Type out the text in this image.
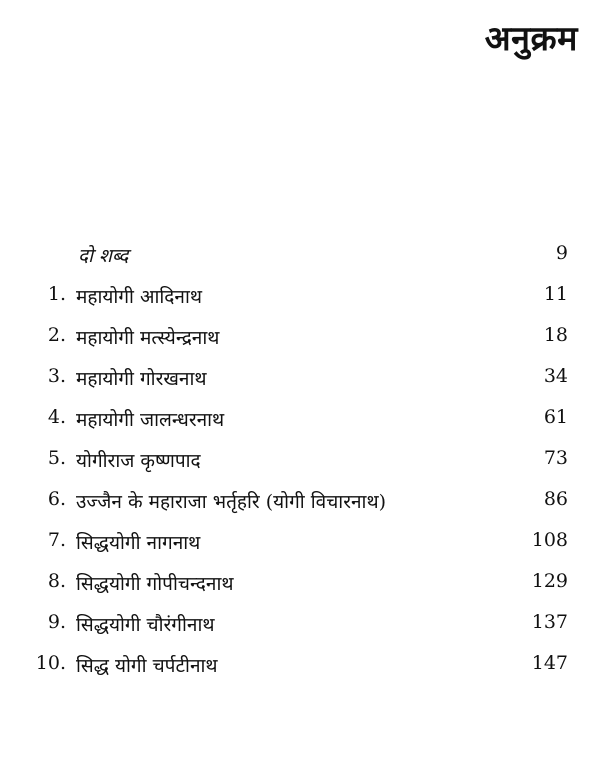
अनुक्रम
दो शब्द	9
1. महायोगी आदिनाथ	11
2. महायोगी मत्स्येन्द्रनाथ	18
3. महायोगी गोरखनाथ	34
4. महायोगी जालन्धरनाथ	61
5. योगीराज कृष्णपाद	73
6. उज्जैन के महाराजा भर्तृहरि (योगी विचारनाथ)	86
7. सिद्धयोगी नागनाथ	108
8. सिद्धयोगी गोपीचन्दनाथ	129
9. सिद्धयोगी चौरंगीनाथ	137
10. सिद्ध योगी चर्पटीनाथ	147
